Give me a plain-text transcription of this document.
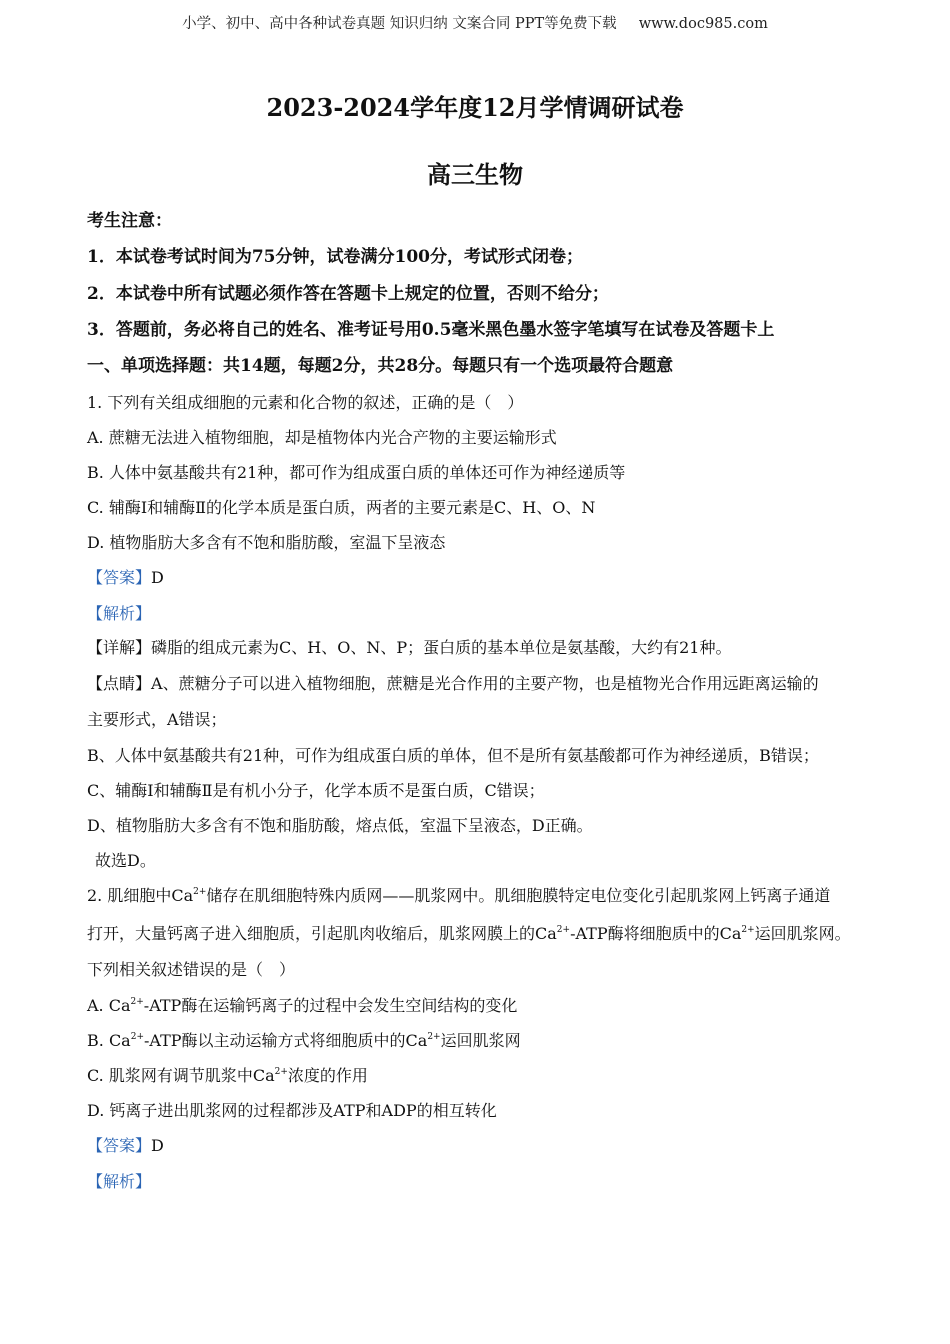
小学、初中、高中各种试卷真题 知识归纳 文案合同 PPT等免费下载 www.doc985.com
2023-2024学年度12月学情调研试卷
高三生物
考生注意：
1．本试卷考试时间为75分钟，试卷满分100分，考试形式闭卷；
2．本试卷中所有试题必须作答在答题卡上规定的位置，否则不给分；
3．答题前，务必将自己的姓名、准考证号用0.5毫米黑色墨水签字笔填写在试卷及答题卡上
一、单项选择题：共14题，每题2分，共28分。每题只有一个选项最符合题意
1. 下列有关组成细胞的元素和化合物的叙述，正确的是（　）
A. 蔗糖无法进入植物细胞，却是植物体内光合产物的主要运输形式
B. 人体中氨基酸共有21种，都可作为组成蛋白质的单体还可作为神经递质等
C. 辅酶Ⅰ和辅酶Ⅱ的化学本质是蛋白质，两者的主要元素是C、H、O、N
D. 植物脂肪大多含有不饱和脂肪酸，室温下呈液态
【答案】D
【解析】
【详解】磷脂的组成元素为C、H、O、N、P；蛋白质的基本单位是氨基酸，大约有21种。
【点睛】A、蔗糖分子可以进入植物细胞，蔗糖是光合作用的主要产物，也是植物光合作用远距离运输的
主要形式，A错误；
B、人体中氨基酸共有21种，可作为组成蛋白质的单体，但不是所有氨基酸都可作为神经递质，B错误；
C、辅酶Ⅰ和辅酶Ⅱ是有机小分子，化学本质不是蛋白质，C错误；
D、植物脂肪大多含有不饱和脂肪酸，熔点低，室温下呈液态，D正确。
故选D。
2. 肌细胞中$Ca^{2+}$储存在肌细胞特殊内质网——肌浆网中。肌细胞膜特定电位变化引起肌浆网上钙离子通道
打开，大量钙离子进入细胞质，引起肌肉收缩后，肌浆网膜上的$Ca^{2+}$-ATP酶将细胞质中的$Ca^{2+}$运回肌浆网。
下列相关叙述错误的是（　）
A. $Ca^{2+}$-ATP酶在运输钙离子的过程中会发生空间结构的变化
B. $Ca^{2+}$-ATP酶以主动运输方式将细胞质中的$Ca^{2+}$运回肌浆网
C. 肌浆网有调节肌浆中$Ca^{2+}$浓度的作用
D. 钙离子进出肌浆网的过程都涉及ATP和ADP的相互转化
【答案】D
【解析】
